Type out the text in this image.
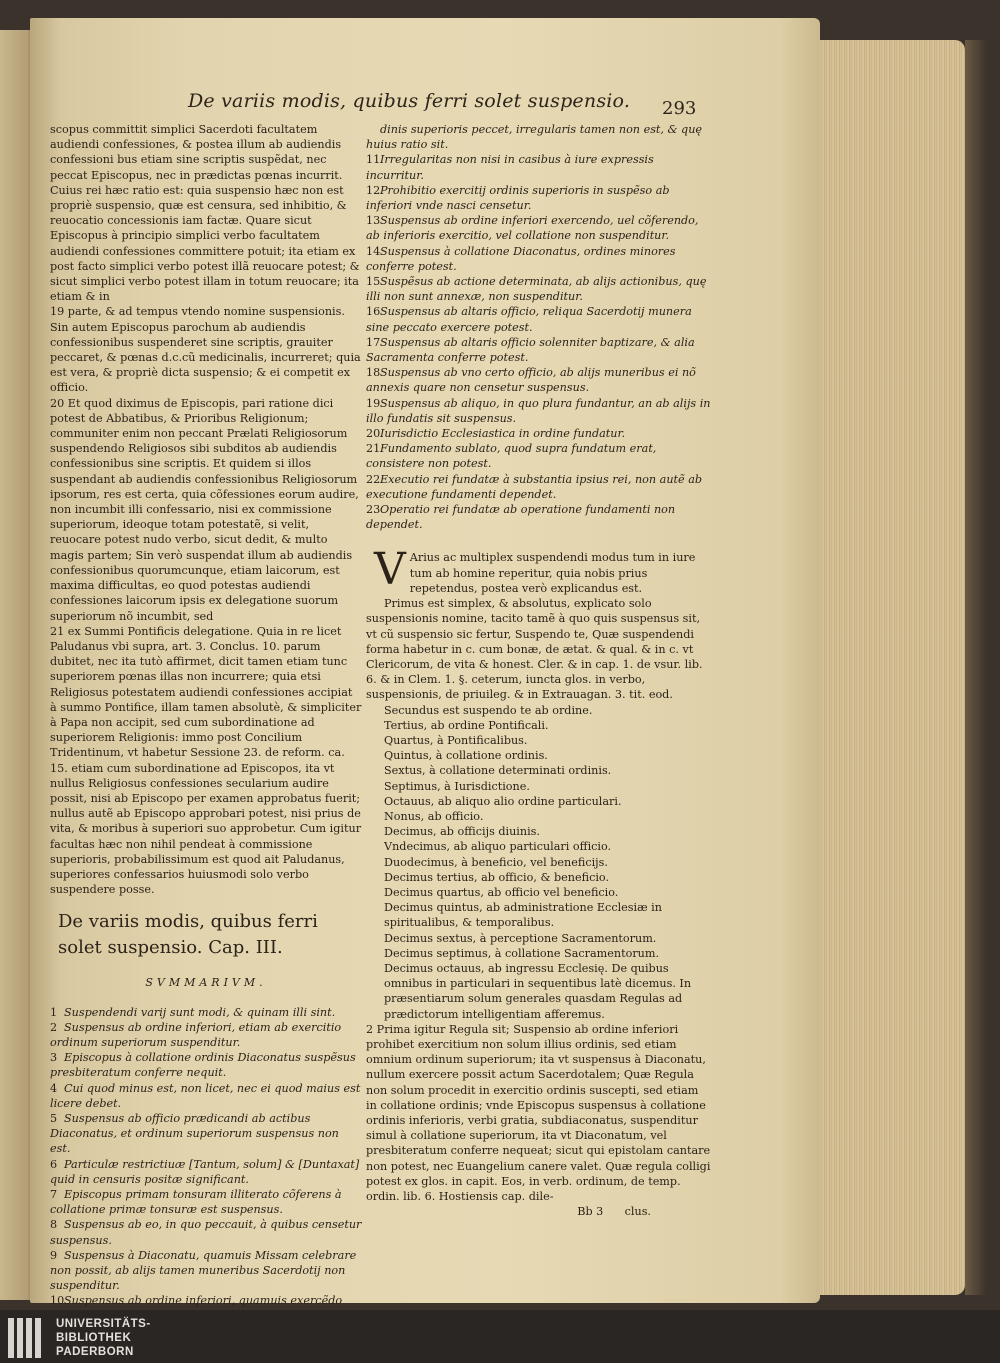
De variis modis, quibus ferri solet suspensio. 293

scopus committit simplici Sacerdoti facultatem audiendi confessiones, & postea illum ab audiendis confessioni bus etiam sine scriptis suspẽdat, nec peccat Episcopus, nec in prædictas pœnas incurrit. Cuius rei hæc ratio est: quia suspensio hæc non est propriè suspensio, quæ est censura, sed inhibitio, & reuocatio concessionis iam factæ. Quare sicut Episcopus à principio simplici verbo facultatem audiendi confessiones committere potuit; ita etiam ex post facto simplici verbo potest illã reuocare potest; & sicut simplici verbo potest illam in totum reuocare; ita etiam & in

19 parte, & ad tempus vtendo nomine suspensionis. Sin autem Episcopus parochum ab audiendis confessionibus suspenderet sine scriptis, grauiter peccaret, & pœnas d.c.cũ medicinalis, incurreret; quia est vera, & propriè dicta suspensio; & ei competit ex officio.

20 Et quod diximus de Episcopis, pari ratione dici potest de Abbatibus, & Prioribus Religionum; communiter enim non peccant Prælati Religiosorum suspendendo Religiosos sibi subditos ab audiendis confessionibus sine scriptis. Et quidem si illos suspendant ab audiendis confessionibus Religiosorum ipsorum, res est certa, quia cõfessiones eorum audire, non incumbit illi confessario, nisi ex commissione superiorum, ideoque totam potestatẽ, si velit, reuocare potest nudo verbo, sicut dedit, & multo magis partem; Sin verò suspendat illum ab audiendis confessionibus quorumcunque, etiam laicorum, est maxima difficultas, eo quod potestas audiendi confessiones laicorum ipsis ex delegatione suorum superiorum nõ incumbit, sed

21 ex Summi Pontificis delegatione. Quia in re licet Paludanus vbi supra, art. 3. Conclus. 10. parum dubitet, nec ita tutò affirmet, dicit tamen etiam tunc superiorem pœnas illas non incurrere; quia etsi Religiosus potestatem audiendi confessiones accipiat à summo Pontifice, illam tamen absolutè, & simpliciter à Papa non accipit, sed cum subordinatione ad superiorem Religionis: immo post Concilium Tridentinum, vt habetur Sessione 23. de reform. ca. 15. etiam cum subordinatione ad Episcopos, ita vt nullus Religiosus confessiones secularium audire possit, nisi ab Episcopo per examen approbatus fuerit; nullus autẽ ab Episcopo approbari potest, nisi prius de vita, & moribus à superiori suo approbetur. Cum igitur facultas hæc non nihil pendeat à commissione superioris, probabilissimum est quod ait Paludanus, superiores confessarios huiusmodi solo verbo suspendere posse.

De variis modis, quibus ferri solet suspensio. Cap. III.
SVMMARIVM.
1 Suspendendi varij sunt modi, & quinam illi sint.
2 Suspensus ab ordine inferiori, etiam ab exercitio ordinum superiorum suspenditur.
3 Episcopus à collatione ordinis Diaconatus suspẽsus presbiteratum conferre nequit.
4 Cui quod minus est, non licet, nec ei quod maius est licere debet.
5 Suspensus ab officio prædicandi ab actibus Diaconatus, et ordinum superiorum suspensus non est.
6 Particulæ restrictiuæ [Tantum, solum] & [Duntaxat] quid in censuris positæ significant.
7 Episcopus primam tonsuram illiterato cõferens à collatione primæ tonsuræ est suspensus.
8 Suspensus ab eo, in quo peccauit, à quibus censetur suspensus.
9 Suspensus à Diaconatu, quamuis Missam celebrare non possit, ab alijs tamen muneribus Sacerdotij non suspenditur.
10Suspensus ab ordine inferiori, quamuis exercẽdo
dinis superioris peccet, irregularis tamen non est, & quę huius ratio sit.
11Irregularitas non nisi in casibus à iure expressis incurritur.
12Prohibitio exercitij ordinis superioris in suspẽso ab inferiori vnde nasci censetur.
13Suspensus ab ordine inferiori exercendo, uel cõferendo, ab inferioris exercitio, vel collatione non suspenditur.
14Suspensus à collatione Diaconatus, ordines minores conferre potest.
15Suspẽsus ab actione determinata, ab alijs actionibus, quę illi non sunt annexæ, non suspenditur.
16Suspensus ab altaris officio, reliqua Sacerdotij munera sine peccato exercere potest.
17Suspensus ab altaris officio solenniter baptizare, & alia Sacramenta conferre potest.
18Suspensus ab vno certo officio, ab alijs muneribus ei nõ annexis quare non censetur suspensus.
19Suspensus ab aliquo, in quo plura fundantur, an ab alijs in illo fundatis sit suspensus.
20Iurisdictio Ecclesiastica in ordine fundatur.
21Fundamento sublato, quod supra fundatum erat, consistere non potest.
22Executio rei fundatæ à substantia ipsius rei, non autẽ ab executione fundamenti dependet.
23Operatio rei fundatæ ab operatione fundamenti non dependet.

V Arius ac multiplex suspendendi modus tum in iure tum ab homine reperitur, quia nobis prius repetendus, postea verò explicandus est.

Primus est simplex, & absolutus, explicato solo suspensionis nomine, tacito tamẽ à quo quis suspensus sit, vt cũ suspensio sic fertur, Suspendo te, Quæ suspendendi forma habetur in c. cum bonæ, de ætat. & qual. & in c. vt Clericorum, de vita & honest. Cler. & in cap. 1. de vsur. lib. 6. & in Clem. 1. §. ceterum, iuncta glos. in verbo, suspensionis, de priuileg. & in Extrauagan. 3. tit. eod.

Secundus est suspendo te ab ordine.

Tertius, ab ordine Pontificali.

Quartus, à Pontificalibus.

Quintus, à collatione ordinis.

Sextus, à collatione determinati ordinis.

Septimus, à Iurisdictione.

Octauus, ab aliquo alio ordine particulari.

Nonus, ab officio.

Decimus, ab officijs diuinis.

Vndecimus, ab aliquo particulari officio.

Duodecimus, à beneficio, vel beneficijs.

Decimus tertius, ab officio, & beneficio.

Decimus quartus, ab officio vel beneficio.

Decimus quintus, ab administratione Ecclesiæ in spiritualibus, & temporalibus.

Decimus sextus, à perceptione Sacramentorum.

Decimus septimus, à collatione Sacramentorum.

Decimus octauus, ab ingressu Ecclesię. De quibus omnibus in particulari in sequentibus latè dicemus. In præsentiarum solum generales quasdam Regulas ad prædictorum intelligentiam afferemus.

2 Prima igitur Regula sit; Suspensio ab ordine inferiori prohibet exercitium non solum illius ordinis, sed etiam omnium ordinum superiorum; ita vt suspensus à Diaconatu, nullum exercere possit actum Sacerdotalem; Quæ Regula non solum procedit in exercitio ordinis suscepti, sed etiam in collatione ordinis; vnde Episcopus suspensus à collatione ordinis inferioris, verbi gratia, subdiaconatus, suspenditur simul à collatione superiorum, ita vt Diaconatum, vel presbiteratum conferre nequeat; sicut qui epistolam cantare non potest, nec Euangelium canere valet. Quæ regula colligi potest ex glos. in capit. Eos, in verb. ordinum, de temp. ordin. lib. 6. Hostiensis cap. dile-

Bb 3 clus.

UNIVERSITÄTS-
BIBLIOTHEK
PADERBORN
